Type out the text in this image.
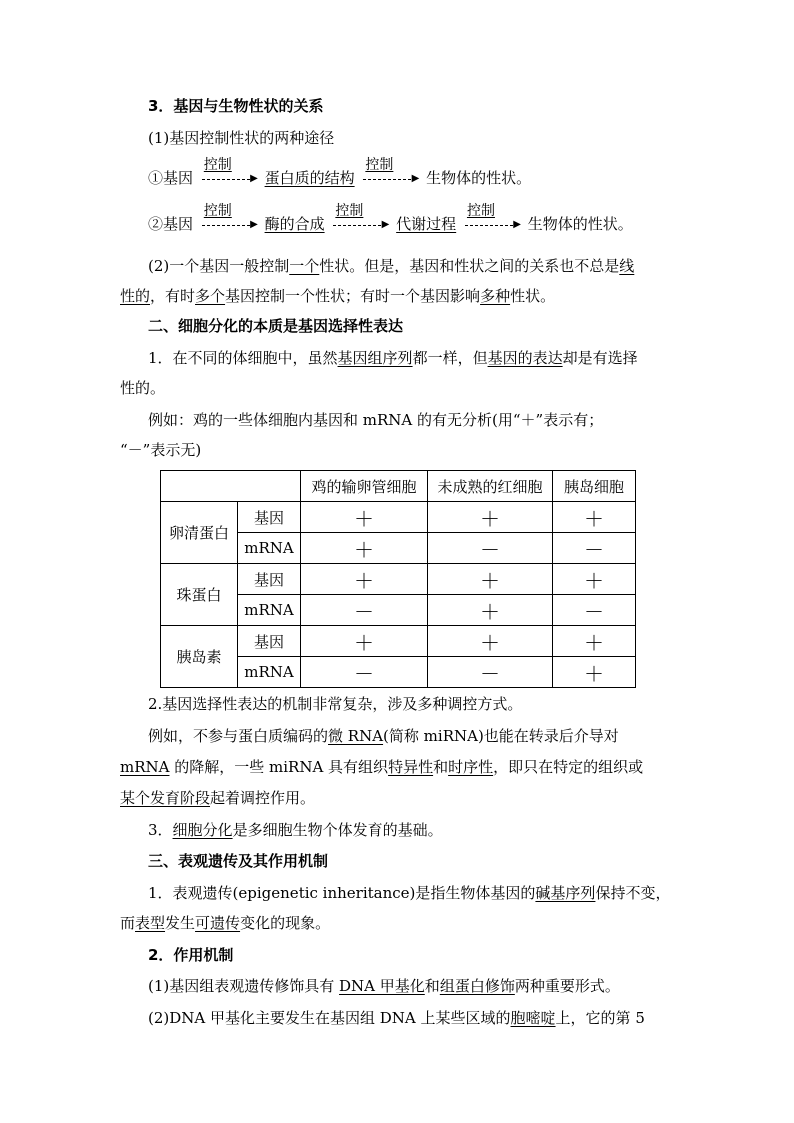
3．基因与生物性状的关系
(1)基因控制性状的两种途径
①基因
控制
▶ 蛋白质的结构
控制
▶ 生物体的性状。
②基因
控制
▶ 酶的合成
控制
▶ 代谢过程
控制
▶ 生物体的性状。
(2)一个基因一般控制一个性状。但是，基因和性状之间的关系也不总是线
性的，有时多个基因控制一个性状；有时一个基因影响多种性状。
二、细胞分化的本质是基因选择性表达
1．在不同的体细胞中，虽然基因组序列都一样，但基因的表达却是有选择
性的。
例如：鸡的一些体细胞内基因和 mRNA 的有无分析(用“＋”表示有；
“－”表示无)
		鸡的输卵管细胞	未成熟的红细胞	胰岛细胞
卵清蛋白	基因	＋	＋	＋
	mRNA	＋	－	－
珠蛋白	基因	＋	＋	＋
	mRNA	－	＋	－
胰岛素	基因	＋	＋	＋
	mRNA	－	－	＋
2.基因选择性表达的机制非常复杂，涉及多种调控方式。
例如，不参与蛋白质编码的微 RNA(简称 miRNA)也能在转录后介导对
mRNA 的降解，一些 miRNA 具有组织特异性和时序性，即只在特定的组织或
某个发育阶段起着调控作用。
3．细胞分化是多细胞生物个体发育的基础。
三、表观遗传及其作用机制
1．表观遗传(epigenetic inheritance)是指生物体基因的碱基序列保持不变，
而表型发生可遗传变化的现象。
2．作用机制
(1)基因组表观遗传修饰具有 DNA 甲基化和组蛋白修饰两种重要形式。
(2)DNA 甲基化主要发生在基因组 DNA 上某些区域的胞嘧啶上，它的第 5
